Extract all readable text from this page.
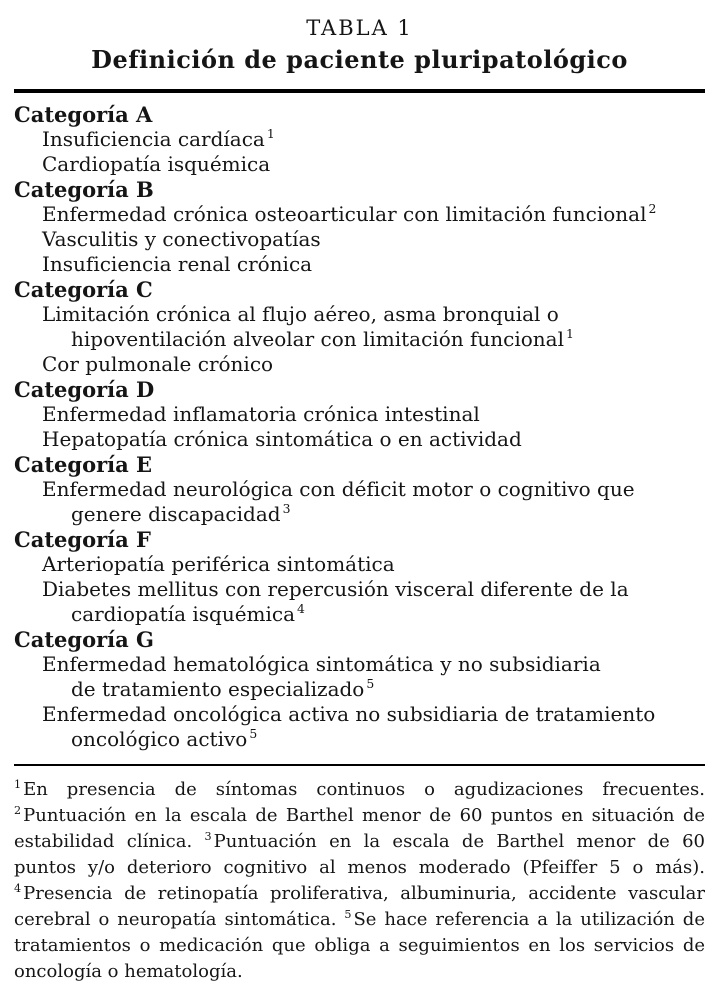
TABLA 1
Definición de paciente pluripatológico
Categoría A
Insuficiencia cardíaca $^1$
Cardiopatía isquémica
Categoría B
Enfermedad crónica osteoarticular con limitación funcional $^2$
Vasculitis y conectivopatías
Insuficiencia renal crónica
Categoría C
Limitación crónica al flujo aéreo, asma bronquial o
hipoventilación alveolar con limitación funcional $^1$
Cor pulmonale crónico
Categoría D
Enfermedad inflamatoria crónica intestinal
Hepatopatía crónica sintomática o en actividad
Categoría E
Enfermedad neurológica con déficit motor o cognitivo que
genere discapacidad $^3$
Categoría F
Arteriopatía periférica sintomática
Diabetes mellitus con repercusión visceral diferente de la
cardiopatía isquémica $^4$
Categoría G
Enfermedad hematológica sintomática y no subsidiaria
de tratamiento especializado $^5$
Enfermedad oncológica activa no subsidiaria de tratamiento
oncológico activo $^5$

$^1$ En presencia de síntomas continuos o agudizaciones frecuentes. $^2$ Puntuación en la escala de Barthel menor de 60 puntos en situación de estabilidad clínica. $^3$ Puntuación en la escala de Barthel menor de 60 puntos y/o deterioro cognitivo al menos moderado (Pfeiffer 5 o más). $^4$ Presencia de retinopatía proliferativa, albuminuria, accidente vascular cerebral o neuropatía sintomática. $^5$ Se hace referencia a la utilización de tratamientos o medicación que obliga a seguimientos en los servicios de oncología o hematología.
